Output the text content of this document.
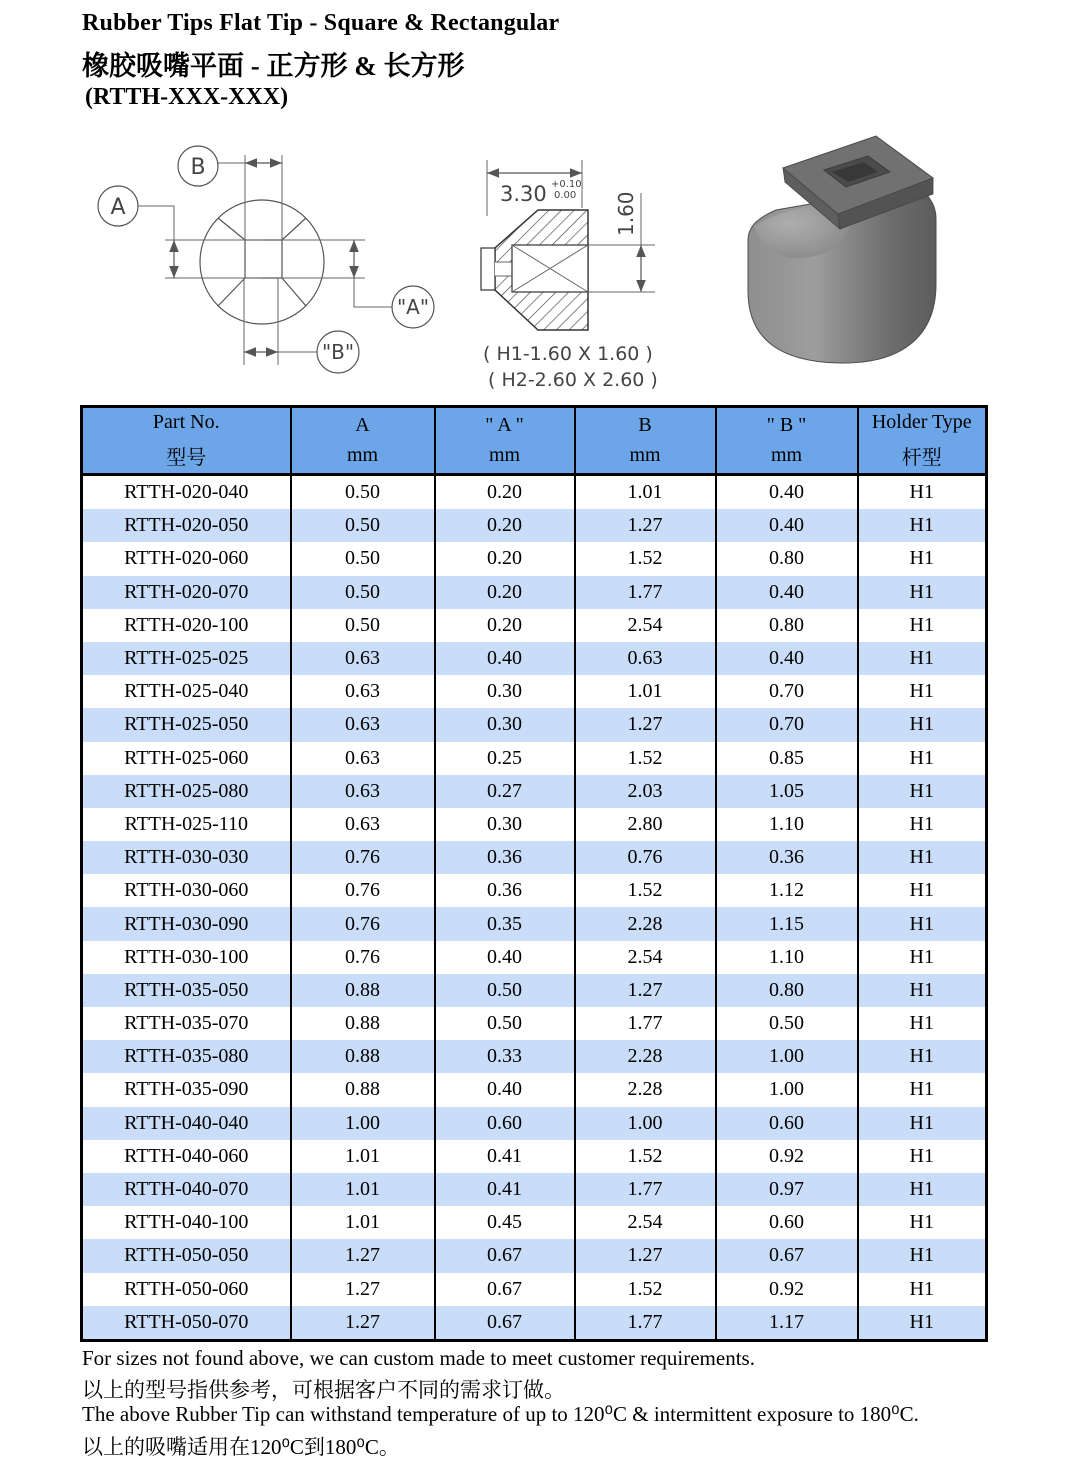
Rubber Tips Flat Tip - Square & Rectangular
橡胶吸嘴平面 - 正方形 & 长方形
(RTTH-XXX-XXX)
B
A
"A"
"B"
3.30 +0.10
0.00 1.60
( H1-1.60 X 1.60 )
( H2-2.60 X 2.60 )
Part No.
型号

A
mm

" A "
mm

B
mm

" B "
mm

Holder Type
杆型

RTTH-020-040	0.50	0.20	1.01	0.40	H1
RTTH-020-050	0.50	0.20	1.27	0.40	H1
RTTH-020-060	0.50	0.20	1.52	0.80	H1
RTTH-020-070	0.50	0.20	1.77	0.40	H1
RTTH-020-100	0.50	0.20	2.54	0.80	H1
RTTH-025-025	0.63	0.40	0.63	0.40	H1
RTTH-025-040	0.63	0.30	1.01	0.70	H1
RTTH-025-050	0.63	0.30	1.27	0.70	H1
RTTH-025-060	0.63	0.25	1.52	0.85	H1
RTTH-025-080	0.63	0.27	2.03	1.05	H1
RTTH-025-110	0.63	0.30	2.80	1.10	H1
RTTH-030-030	0.76	0.36	0.76	0.36	H1
RTTH-030-060	0.76	0.36	1.52	1.12	H1
RTTH-030-090	0.76	0.35	2.28	1.15	H1
RTTH-030-100	0.76	0.40	2.54	1.10	H1
RTTH-035-050	0.88	0.50	1.27	0.80	H1
RTTH-035-070	0.88	0.50	1.77	0.50	H1
RTTH-035-080	0.88	0.33	2.28	1.00	H1
RTTH-035-090	0.88	0.40	2.28	1.00	H1
RTTH-040-040	1.00	0.60	1.00	0.60	H1
RTTH-040-060	1.01	0.41	1.52	0.92	H1
RTTH-040-070	1.01	0.41	1.77	0.97	H1
RTTH-040-100	1.01	0.45	2.54	0.60	H1
RTTH-050-050	1.27	0.67	1.27	0.67	H1
RTTH-050-060	1.27	0.67	1.52	0.92	H1
RTTH-050-070	1.27	0.67	1.77	1.17	H1
For sizes not found above, we can custom made to meet customer requirements.
以上的型号指供参考，可根据客户不同的需求订做。
The above Rubber Tip can withstand temperature of up to 120⁰C & intermittent exposure to 180⁰C.
以上的吸嘴适用在120⁰C到180⁰C。
